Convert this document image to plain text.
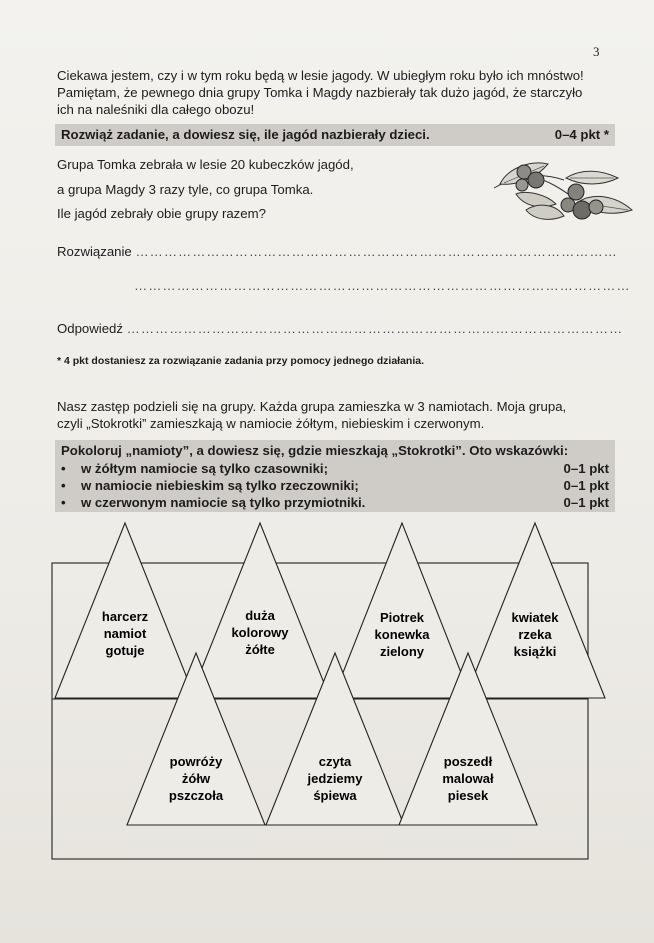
3
Ciekawa jestem, czy i w tym roku będą w lesie jagody. W ubiegłym roku było ich mnóstwo!
Pamiętam, że pewnego dnia grupy Tomka i Magdy nazbierały tak dużo jagód, że starczyło
ich na naleśniki dla całego obozu!
Rozwiąż zadanie, a dowiesz się, ile jagód nazbierały dzieci.	0–4 pkt *
Grupa Tomka zebrała w lesie 20 kubeczków jagód,
a grupa Magdy 3 razy tyle, co grupa Tomka.
Ile jagód zebrały obie grupy razem?
Rozwiązanie …………………………………………………………………………………………
……………………………………………………………………………………………
Odpowiedź ……………………………………………………………………………………………
* 4 pkt dostaniesz za rozwiązanie zadania przy pomocy jednego działania.
Nasz zastęp podzieli się na grupy. Każda grupa zamieszka w 3 namiotach. Moja grupa,
czyli „Stokrotki” zamieszkają w namiocie żółtym, niebieskim i czerwonym.
Pokoloruj „namioty”, a dowiesz się, gdzie mieszkają „Stokrotki”. Oto wskazówki:
• w żółtym namiocie są tylko czasowniki;	0–1 pkt
• w namiocie niebieskim są tylko rzeczowniki;	0–1 pkt
• w czerwonym namiocie są tylko przymiotniki.	0–1 pkt
harcerz
namiot
gotuje
duża
kolorowy
żółte
Piotrek
konewka
zielony
kwiatek
rzeka
książki
powróży
żółw
pszczoła
czyta
jedziemy
śpiewa
poszedł
malował
piesek
